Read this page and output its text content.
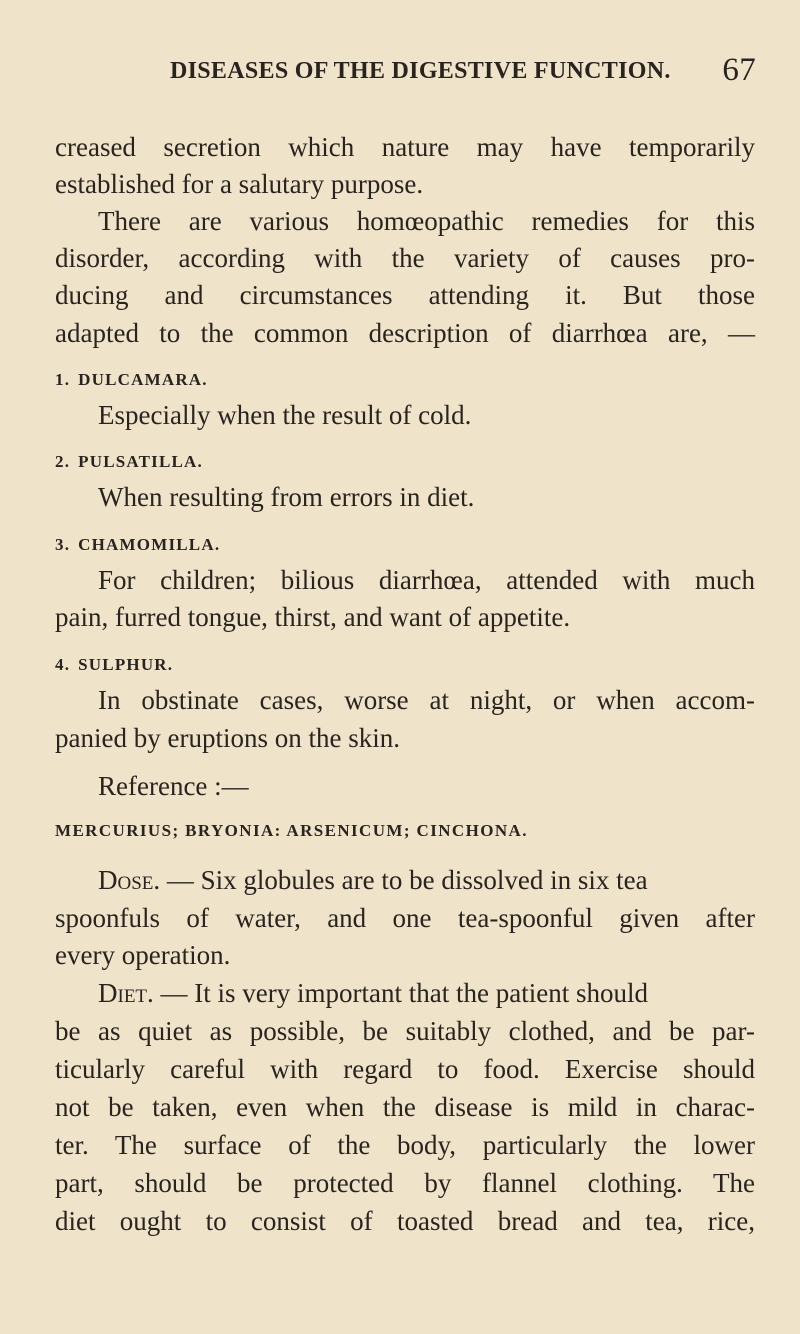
DISEASES OF THE DIGESTIVE FUNCTION. 67
creased secretion which nature may have temporarily
established for a salutary purpose.
There are various homœopathic remedies for this
disorder, according with the variety of causes pro-
ducing and circumstances attending it. But those
adapted to the common description of diarrhœa are, —
1. DULCAMARA.
Especially when the result of cold.
2. PULSATILLA.
When resulting from errors in diet.
3. CHAMOMILLA.
For children; bilious diarrhœa, attended with much
pain, furred tongue, thirst, and want of appetite.
4. SULPHUR.
In obstinate cases, worse at night, or when accom-
panied by eruptions on the skin.
Reference :—
MERCURIUS; BRYONIA: ARSENICUM; CINCHONA.
Dose. — Six globules are to be dissolved in six tea
spoonfuls of water, and one tea-spoonful given after
every operation.
Diet. — It is very important that the patient should
be as quiet as possible, be suitably clothed, and be par-
ticularly careful with regard to food. Exercise should
not be taken, even when the disease is mild in charac-
ter. The surface of the body, particularly the lower
part, should be protected by flannel clothing. The
diet ought to consist of toasted bread and tea, rice,
